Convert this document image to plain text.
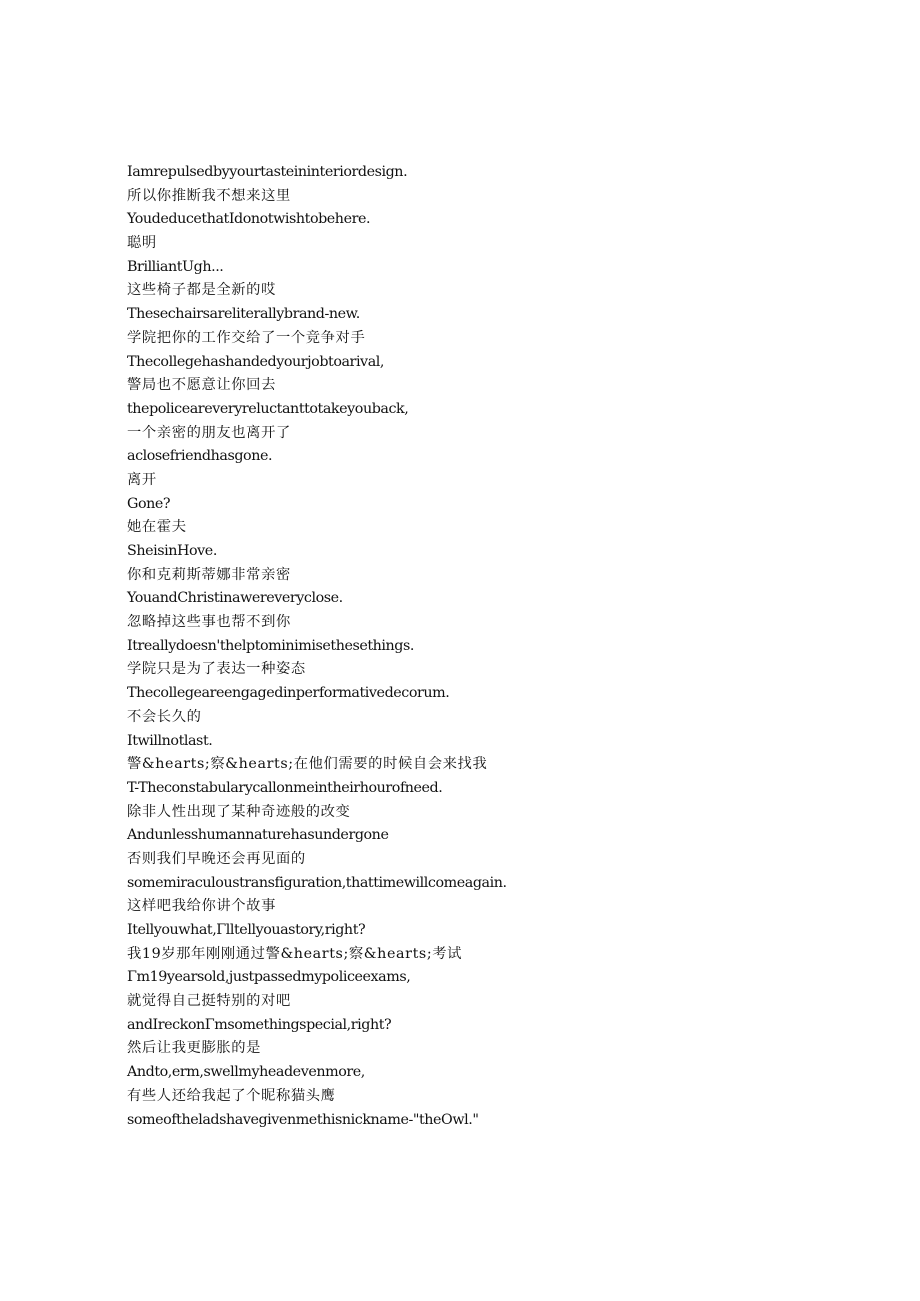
Iamrepulsedbyyourtasteininteriordesign.
所以你推断我不想来这里
YoudeducethatIdonotwishtobehere.
聪明
BrilliantUgh...
这些椅子都是全新的哎
Thesechairsareliterallybrand-new.
学院把你的工作交给了一个竞争对手
Thecollegehashandedyourjobtoarival,
警局也不愿意让你回去
thepoliceareveryreluctanttotakeyouback,
一个亲密的朋友也离开了
aclosefriendhasgone.
离开
Gone?
她在霍夫
SheisinHove.
你和克莉斯蒂娜非常亲密
YouandChristinawereveryclose.
忽略掉这些事也帮不到你
Itreallydoesn'thelptominimisethesethings.
学院只是为了表达一种姿态
Thecollegeareengagedinperformativedecorum.
不会长久的
Itwillnotlast.
警&hearts;察&hearts;在他们需要的时候自会来找我
T-Theconstabularycallonmeintheirhourofneed.
除非人性出现了某种奇迹般的改变
Andunlesshumannaturehasundergone
否则我们早晚还会再见面的
somemiraculoustransfiguration,thattimewillcomeagain.
这样吧我给你讲个故事
Itellyouwhat,Γlltellyouastory,right?
我19岁那年刚刚通过警&hearts;察&hearts;考试
Γm19yearsold,justpassedmypoliceexams,
就觉得自己挺特别的对吧
andIreckonΓmsomethingspecial,right?
然后让我更膨胀的是
Andto,erm,swellmyheadevenmore,
有些人还给我起了个昵称猫头鹰
someoftheladshavegivenmethisnickname-"theOwl."
